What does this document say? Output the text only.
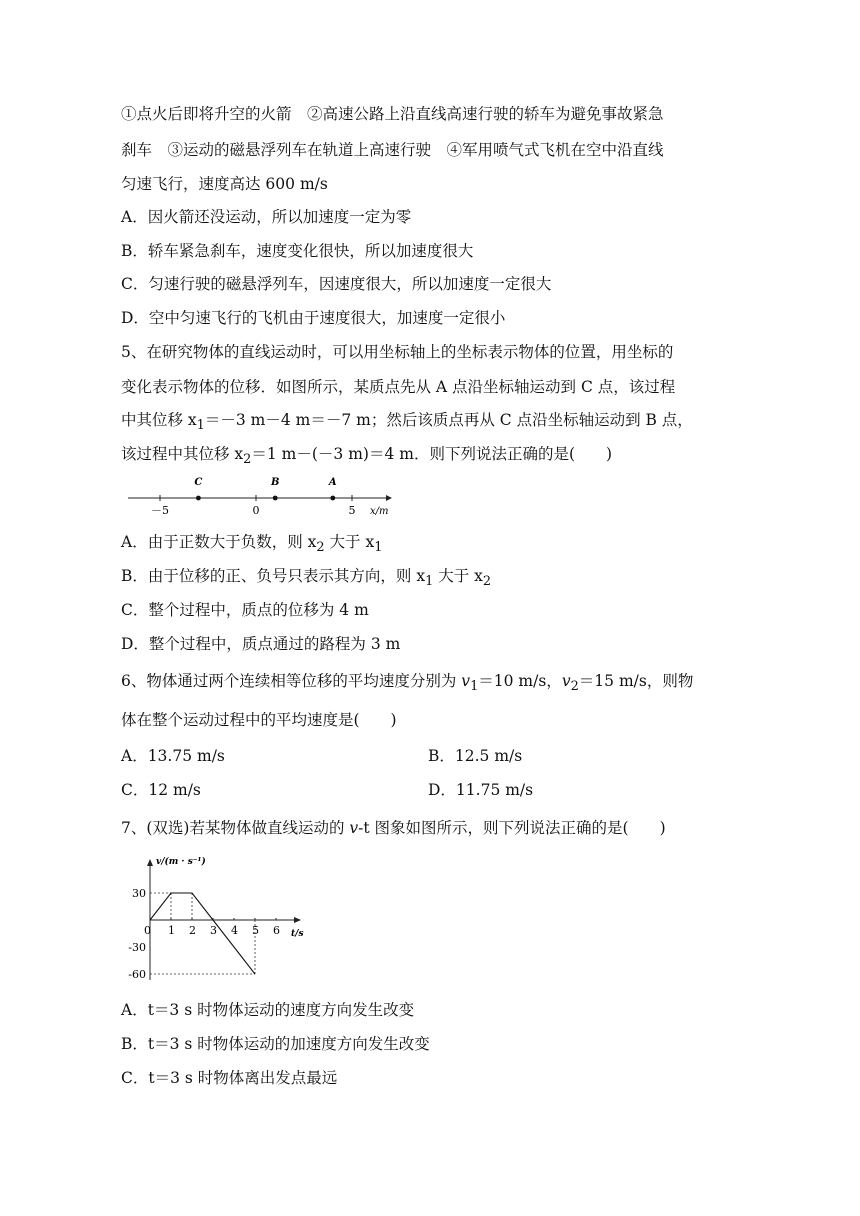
①点火后即将升空的火箭　②高速公路上沿直线高速行驶的轿车为避免事故紧急
刹车　③运动的磁悬浮列车在轨道上高速行驶　④军用喷气式飞机在空中沿直线
匀速飞行，速度高达 600 m/s
A．因火箭还没运动，所以加速度一定为零
B．轿车紧急刹车，速度变化很快，所以加速度很大
C．匀速行驶的磁悬浮列车，因速度很大，所以加速度一定很大
D．空中匀速飞行的飞机由于速度很大，加速度一定很小
5、在研究物体的直线运动时，可以用坐标轴上的坐标表示物体的位置，用坐标的
变化表示物体的位移．如图所示，某质点先从 A 点沿坐标轴运动到 C 点，该过程
中其位移 $x_1=-3$ m－4 m＝－7 m；然后该质点再从 C 点沿坐标轴运动到 B 点，
该过程中其位移 $x_2=1$ m－(－3 m)＝4 m．则下列说法正确的是(　　)
－5	0	5
C	B	A
x/m
A．由于正数大于负数，则 $x_2$ 大于 $x_1$
B．由于位移的正、负号只表示其方向，则 $x_1$ 大于 $x_2$
C．整个过程中，质点的位移为 4 m
D．整个过程中，质点通过的路程为 3 m
6、物体通过两个连续相等位移的平均速度分别为 $v_1=10$ m/s，$v_2=15$ m/s，则物
体在整个运动过程中的平均速度是(　　)
A．13.75 m/s	B．12.5 m/s
C．12 m/s	D．11.75 m/s
7、(双选)若某物体做直线运动的 v-t 图象如图所示，则下列说法正确的是(　　)
0 1 2 3 4 5 6
30
-30
-60
v/(m · s⁻¹)
t/s
A．t＝3 s 时物体运动的速度方向发生改变
B．t＝3 s 时物体运动的加速度方向发生改变
C．t＝3 s 时物体离出发点最远
